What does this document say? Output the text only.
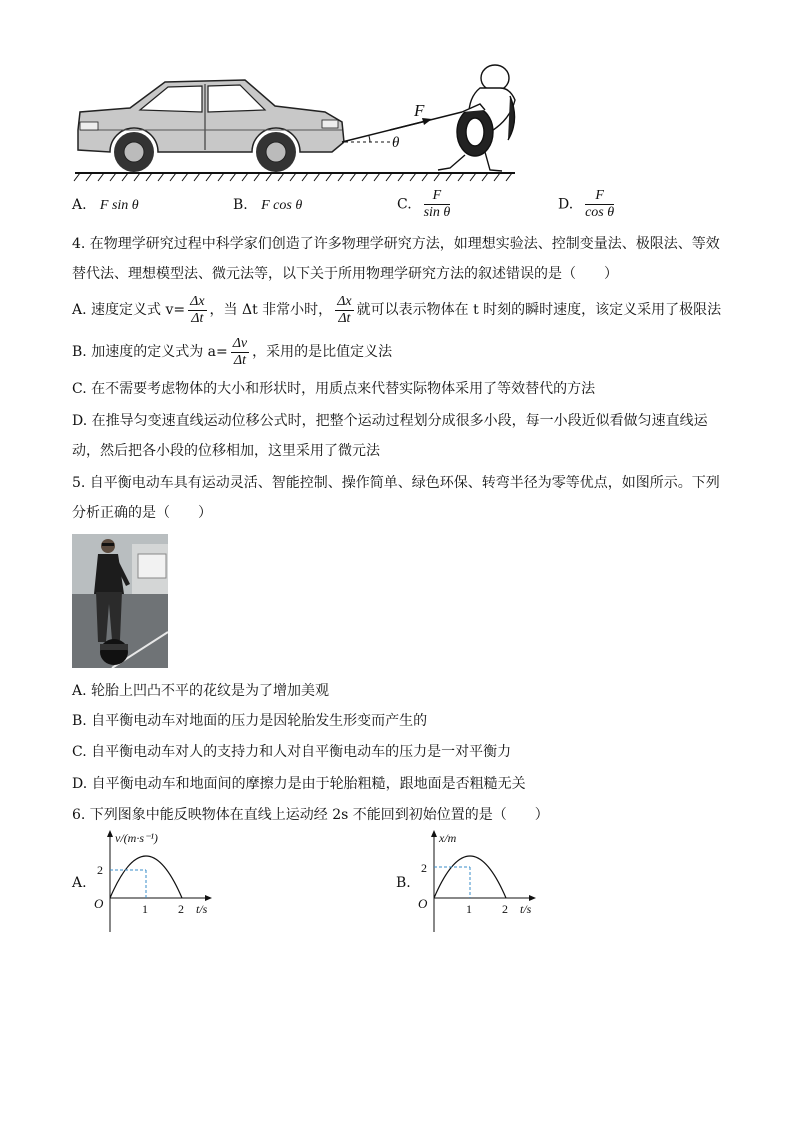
F
θ
A. F sin θ	B. F cos θ	C. $\frac{F}{\text{sin θ}}$	D. $\frac{F}{\text{cos θ}}$
4. 在物理学研究过程中科学家们创造了许多物理学研究方法，如理想实验法、控制变量法、极限法、等效
替代法、理想模型法、微元法等，以下关于所用物理学研究方法的叙述错误的是（　　）
A. 速度定义式 $v= \frac{\Delta x}{\Delta t}$ ，当 Δt 非常小时， $\frac{\Delta x}{\Delta t}$ 就可以表示物体在 t 时刻的瞬时速度，该定义采用了极限法
B. 加速度的定义式为 $a= \frac{\Delta v}{\Delta t}$ ，采用的是比值定义法
C. 在不需要考虑物体的大小和形状时，用质点来代替实际物体采用了等效替代的方法
D. 在推导匀变速直线运动位移公式时，把整个运动过程划分成很多小段，每一小段近似看做匀速直线运
动，然后把各小段的位移相加，这里采用了微元法
5. 自平衡电动车具有运动灵活、智能控制、操作简单、绿色环保、转弯半径为零等优点，如图所示。下列
分析正确的是（　　）
A. 轮胎上凹凸不平的花纹是为了增加美观
B. 自平衡电动车对地面的压力是因轮胎发生形变而产生的
C. 自平衡电动车对人的支持力和人对自平衡电动车的压力是一对平衡力
D. 自平衡电动车和地面间的摩擦力是由于轮胎粗糙，跟地面是否粗糙无关
6. 下列图象中能反映物体在直线上运动经 2s 不能回到初始位置的是（　　）
A.
v/(m·s⁻¹)
2
O	1	2 t/s
B.
x/m
2
O	1	2 t/s
